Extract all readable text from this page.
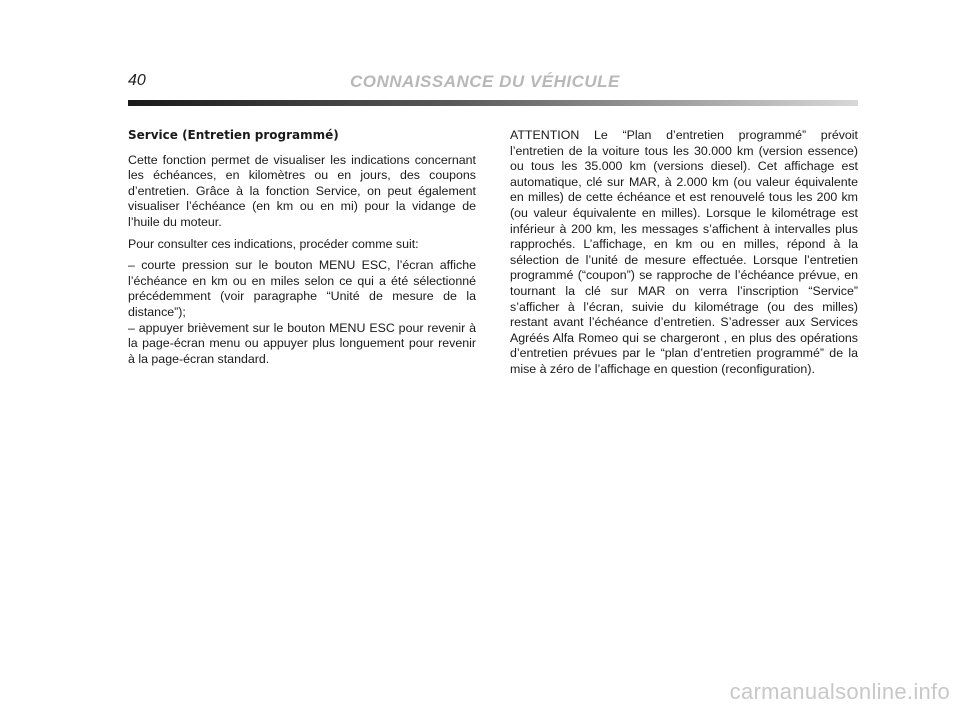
40	CONNAISSANCE DU VÉHICULE
Service (Entretien programmé)

Cette fonction permet de visualiser les indications concernant les échéances, en kilomètres ou en jours, des coupons d’entretien. Grâce à la fonction Service, on peut également visualiser l’échéance (en km ou en mi) pour la vidange de l’huile du moteur.

Pour consulter ces indications, procéder comme suit:

– courte pression sur le bouton MENU ESC, l’écran affiche l’échéance en km ou en miles selon ce qui a été sélectionné précédemment (voir paragraphe “Unité de mesure de la distance”);

– appuyer brièvement sur le bouton MENU ESC pour revenir à la page-écran menu ou appuyer plus longuement pour revenir à la page-écran standard.

ATTENTION Le “Plan d’entretien programmé” prévoit l’entretien de la voiture tous les 30.000 km (version essence) ou tous les 35.000 km (versions diesel). Cet affichage est automatique, clé sur MAR, à 2.000 km (ou valeur équivalente en milles) de cette échéance et est renouvelé tous les 200 km (ou valeur équivalente en milles). Lorsque le kilométrage est inférieur à 200 km, les messages s’affichent à intervalles plus rapprochés. L’affichage, en km ou en milles, répond à la sélection de l’unité de mesure effectuée. Lorsque l’entretien programmé (“coupon”) se rapproche de l’échéance prévue, en tournant la clé sur MAR on verra l’inscription “Service” s’afficher à l’écran, suivie du kilométrage (ou des milles) restant avant l’échéance d’entretien. S’adresser aux Services Agréés Alfa Romeo qui se chargeront , en plus des opérations d’entretien prévues par le “plan d’entretien programmé” de la mise à zéro de l’affichage en question (reconfiguration).

carmanualsonline.info
